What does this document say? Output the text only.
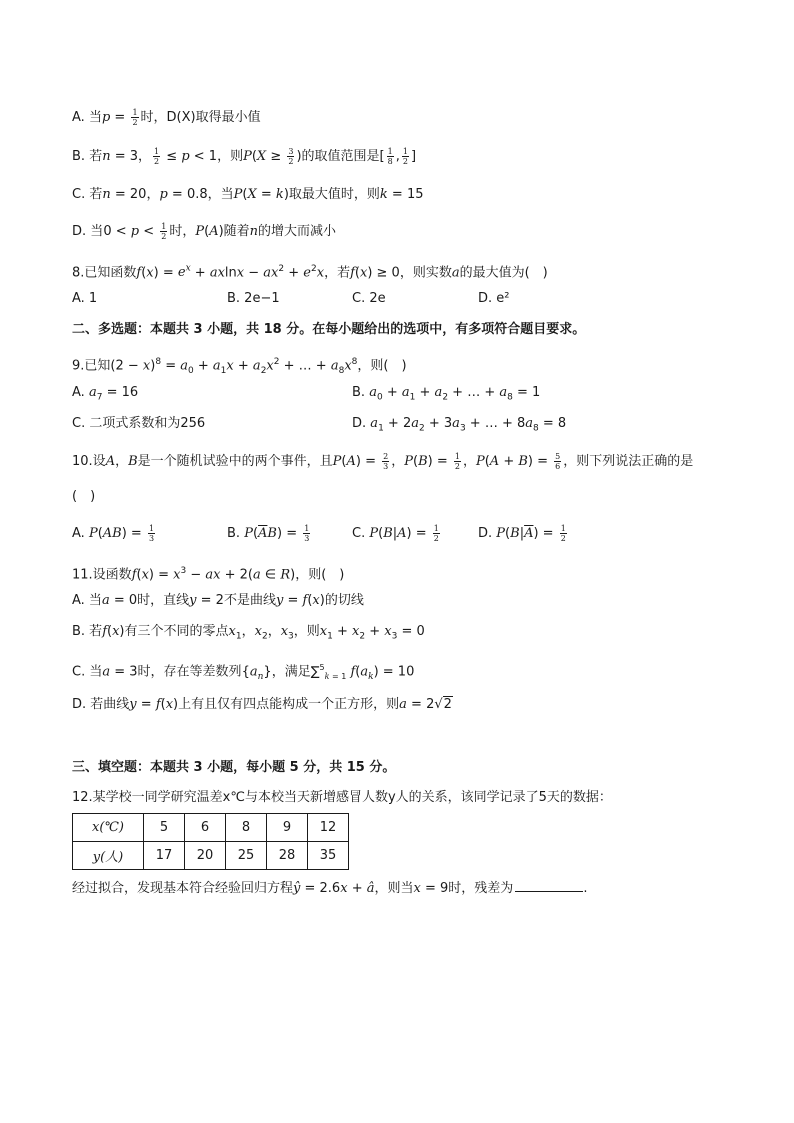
A. 当$p = \frac{1}{2}$ 时，D(X)取得最小值
B. 若n = 3， $\frac{1}{2} \le p < 1$，则$P(X \ge \frac{3}{2}$ )的取值范围是[ $\frac{1}{8}$ , $\frac{1}{2}$ ]
C. 若n = 20，p = 0.8，当P(X = k)取最大值时，则k = 15
D. 当$0 < p < \frac{1}{2}$ 时，P(A)随着n的增大而减小
8.已知函数$f(x) = e^x + axlnx - ax^2 + e^2x$，若f(x) ≥ 0，则实数a的最大值为(　)
A. 1	B. 2e−1	C. 2e	D. e²
二、多选题：本题共 3 小题，共 18 分。在每小题给出的选项中，有多项符合题目要求。
9.已知$(2 - x)^8 = a_0 + a_1x + a_2x^2$ + … + $a_8x^8$，则(　)
A. $a_7 = 16$	B. $a_0 + a_1 + a_2$ + … + $a_8 = 1$
C. 二项式系数和为256	D. $a_1 + 2a_2 + 3a_3$ + … + $8a_8 = 8$
10.设A，B是一个随机试验中的两个事件，且$P(A) = \frac{2}{3}$ ，$P(B) = \frac{1}{2}$ ，$P(A + B) = \frac{5}{6}$ ，则下列说法正确的是
(　)
A. $P(AB) = \frac{1}{3}$	B. $P(\overline{A}B) = \frac{1}{3}$	C. $P(B|A) = \frac{1}{2}$	D. $P(B|\overline{A}) = \frac{1}{2}$
11.设函数$f(x) = x^3$ − ax + 2(a ∈ R)，则(　)
A. 当a = 0时，直线y = 2不是曲线y = f(x)的切线
B. 若f(x)有三个不同的零点$x_1$，$x_2$，$x_3$，则$x_1 + x_2 + x_3 = 0$
C. 当a = 3时，存在等差数列$\{a_n\}$，满足∑$^5_{k = 1}$ $f(a_k) = 10$
D. 若曲线y = f(x)上有且仅有四点能构成一个正方形，则a = 2√2
三、填空题：本题共 3 小题，每小题 5 分，共 15 分。
12.某学校一同学研究温差x℃与本校当天新增感冒人数y人的关系，该同学记录了5天的数据：
x(℃)	5	6	8	9	12
y(人)	17	20	25	28	35
经过拟合，发现基本符合经验回归方程ŷ = 2.6x + â，则当x = 9时，残差为	.
